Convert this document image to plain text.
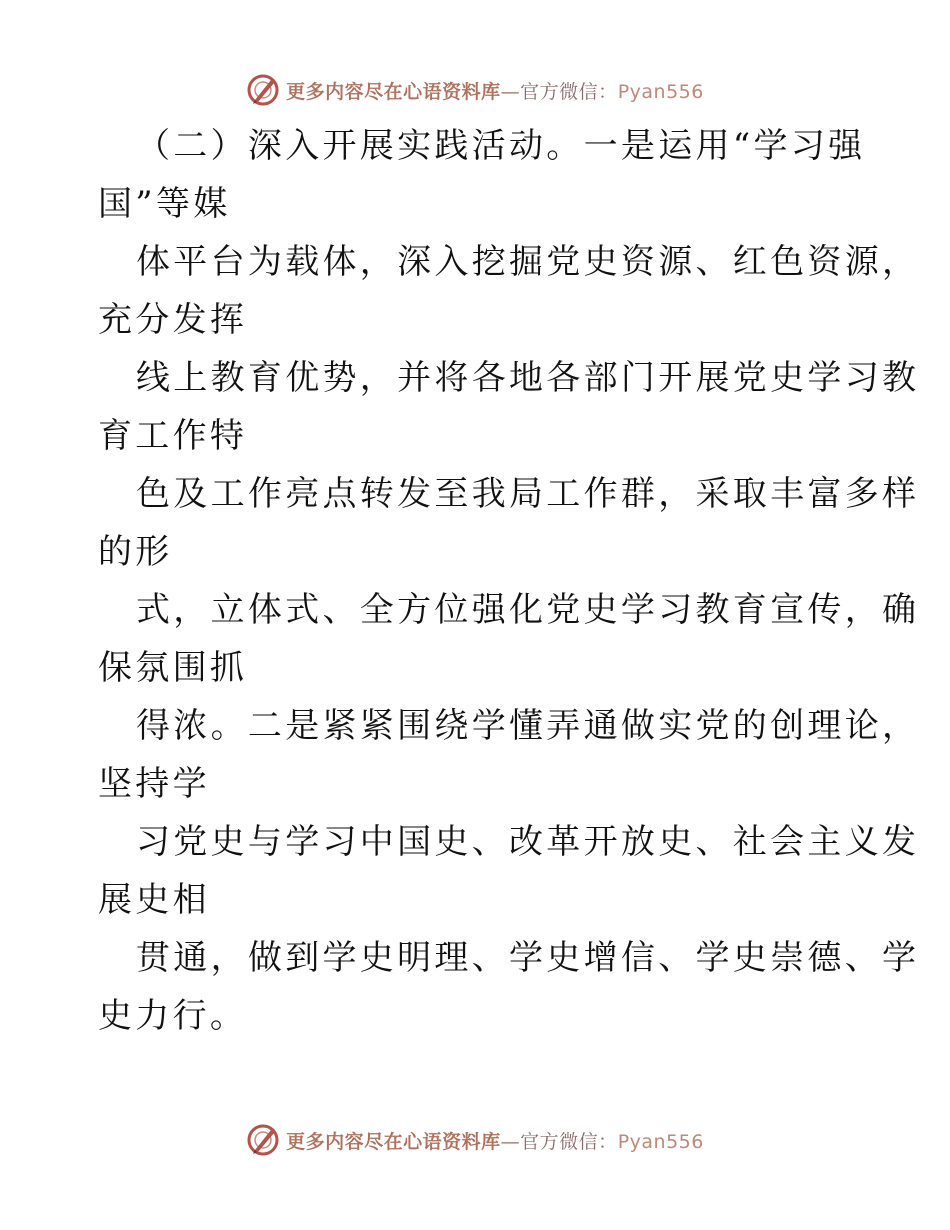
更多内容尽在心语资料库—官方微信：Pyan556
（二）深入开展实践活动。一是运用“学习强
国”等媒
体平台为载体，深入挖掘党史资源、红色资源，
充分发挥
线上教育优势，并将各地各部门开展党史学习教
育工作特
色及工作亮点转发至我局工作群，采取丰富多样
的形
式，立体式、全方位强化党史学习教育宣传，确
保氛围抓
得浓。二是紧紧围绕学懂弄通做实党的创理论，
坚持学
习党史与学习中国史、改革开放史、社会主义发
展史相
贯通，做到学史明理、学史增信、学史崇德、学
史力行。
更多内容尽在心语资料库—官方微信：Pyan556
